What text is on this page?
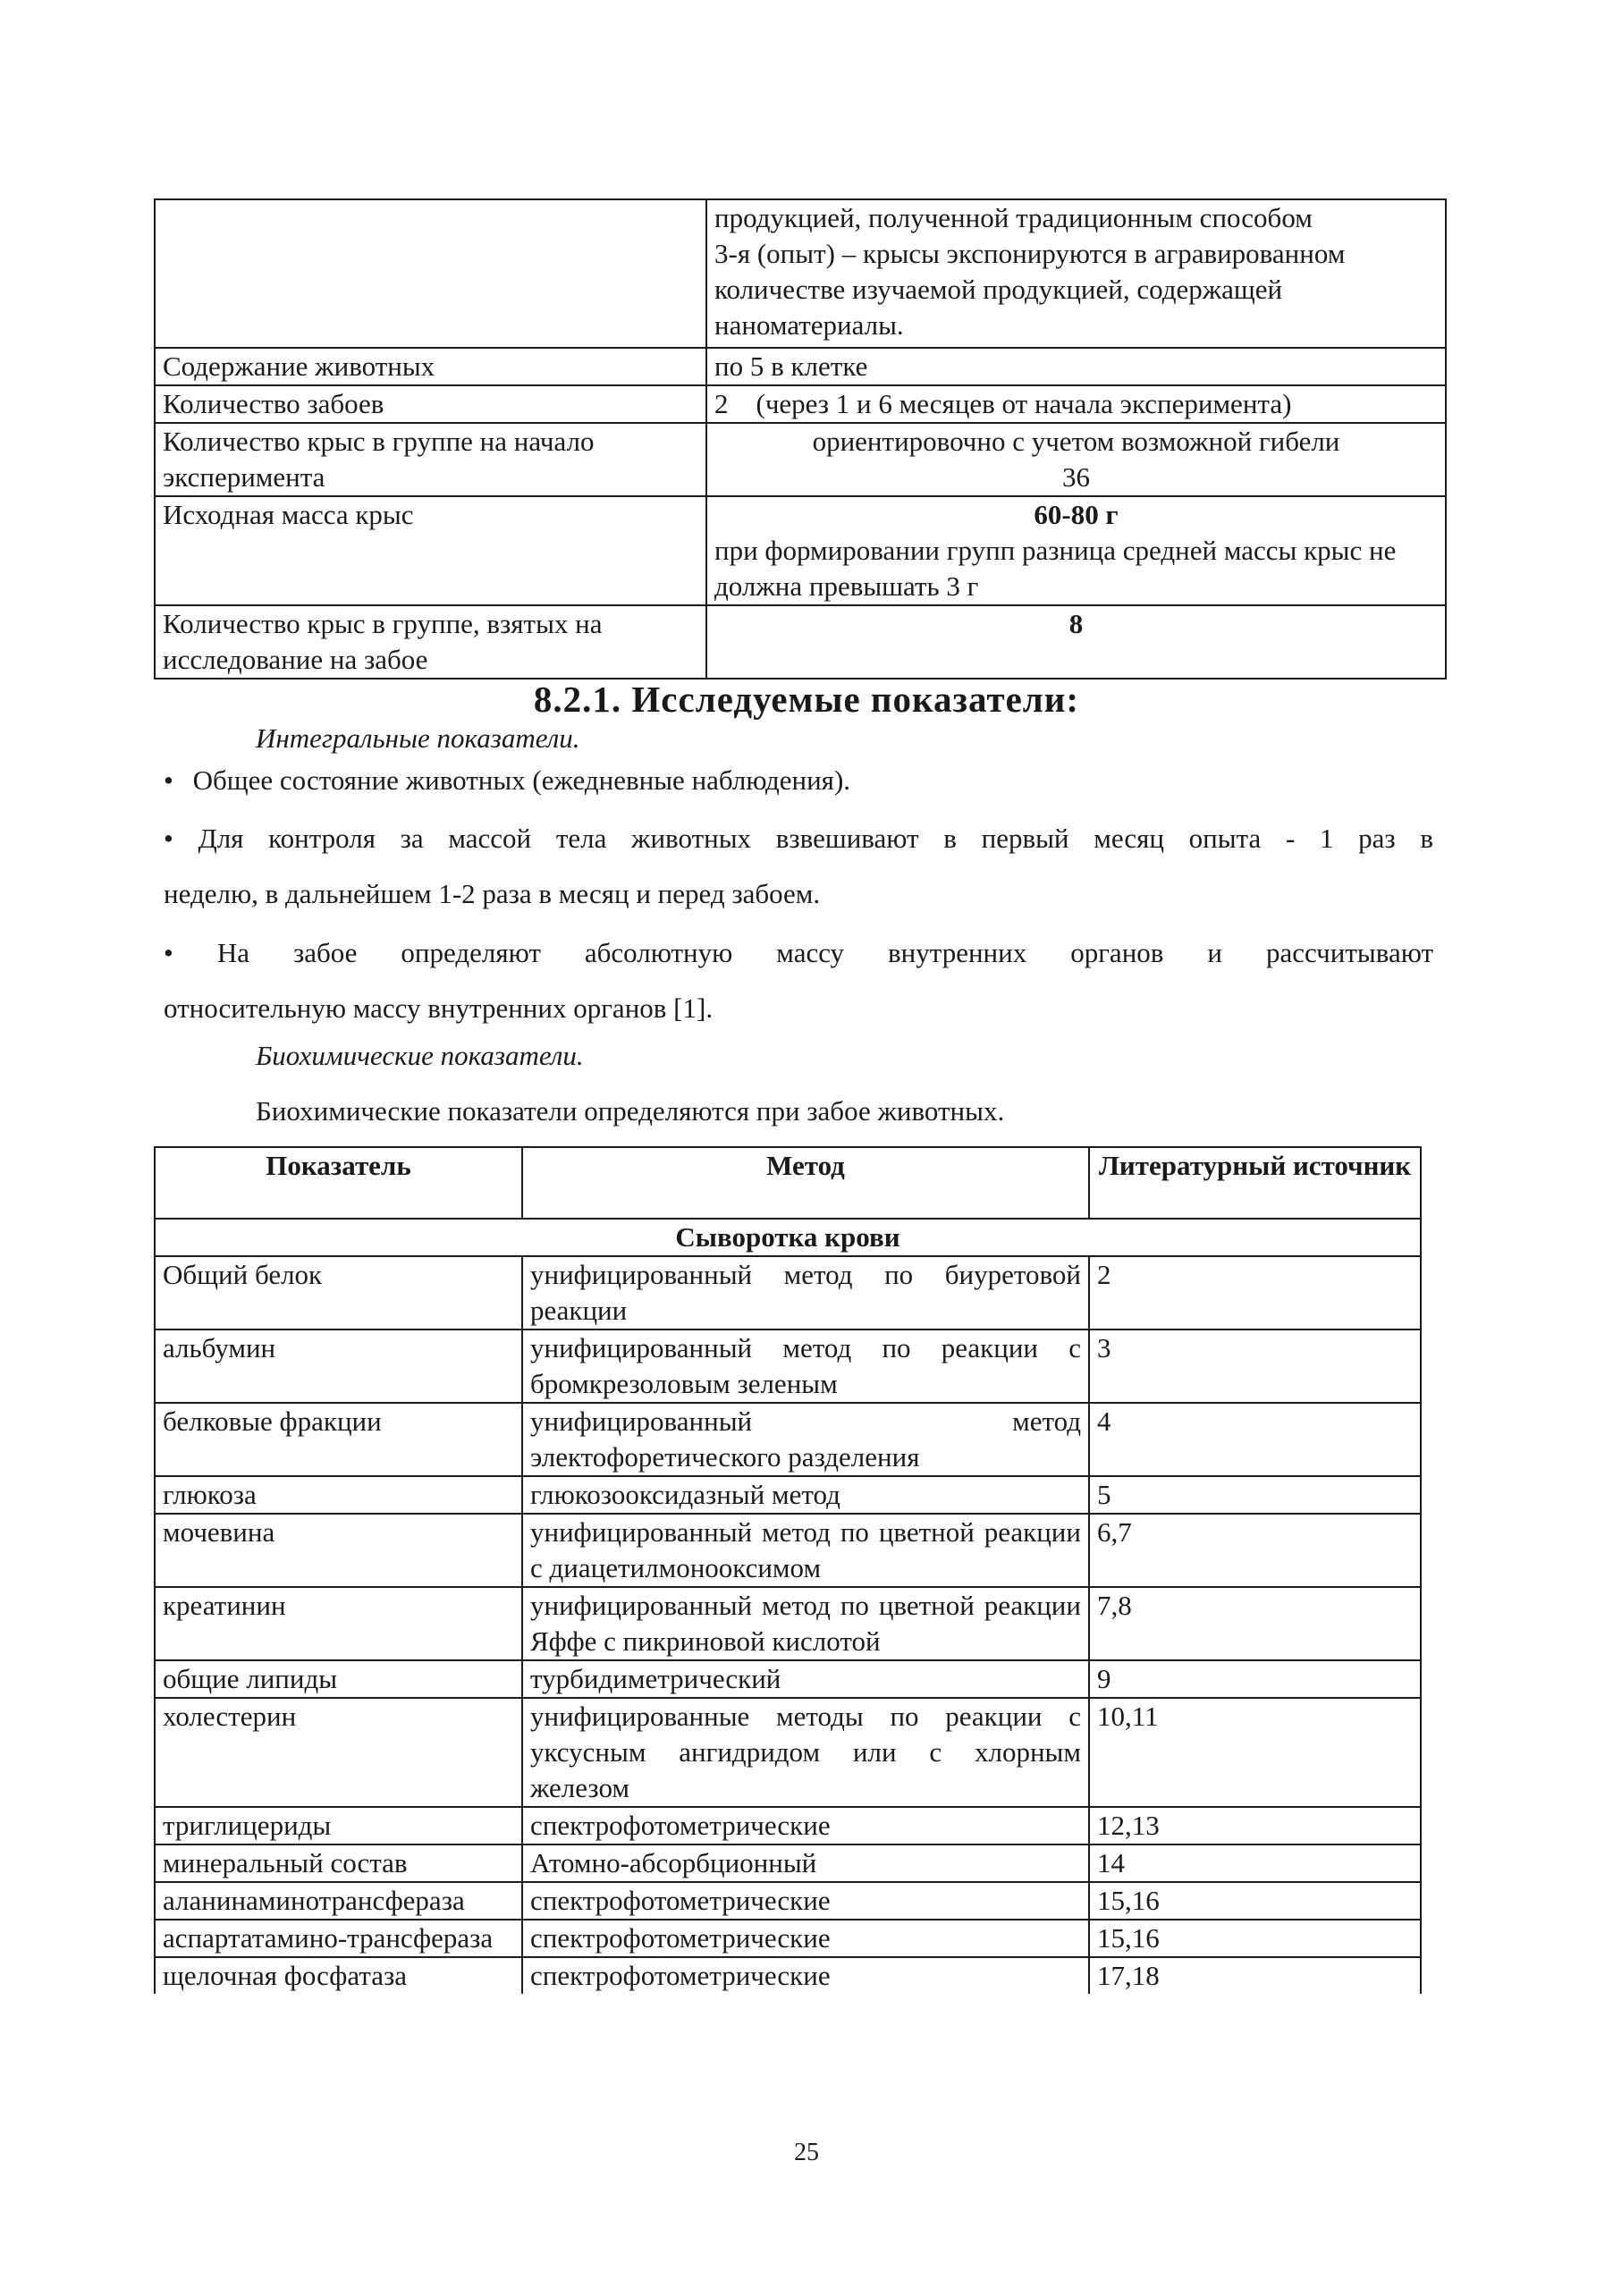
	продукцией, полученной традиционным способом
3-я (опыт) – крысы экспонируются в агравированном количестве изучаемой продукцией, содержащей наноматериалы.
Содержание животных	по 5 в клетке
Количество забоев	2    (через 1 и 6 месяцев от начала эксперимента)
Количество крыс в группе на начало эксперимента	ориентировочно с учетом возможной гибели
36

Исходная масса крыс	60-80 г
при формировании групп разница средней массы крыс не должна превышать 3 г

Количество крыс в группе, взятых на исследование на забое	8
8.2.1. Исследуемые показатели:
Интегральные показатели.
• Общее состояние животных (ежедневные наблюдения).
• Для контроля за массой тела животных взвешивают в первый месяц опыта - 1 раз в
неделю, в дальнейшем 1-2 раза в месяц и перед забоем.
• На забое определяют абсолютную массу внутренних органов и рассчитывают
относительную массу внутренних органов [1].
Биохимические показатели.
Биохимические показатели определяются при забое животных.
Показатель	Метод	Литературный источник
Сыворотка крови		
Общий белок	унифицированный метод по биуретовой реакции	2
альбумин	унифицированный метод по реакции с бромкрезоловым зеленым	3
белковые фракции	унифицированный метод электофоретического разделения	4
глюкоза	глюкозооксидазный метод	5
мочевина	унифицированный метод по цветной реакции с диацетилмонооксимом	6,7
креатинин	унифицированный метод по цветной реакции Яффе с пикриновой кислотой	7,8
общие липиды	турбидиметрический	9
холестерин	унифицированные методы по реакции с уксусным ангидридом или с хлорным железом	10,11
триглицериды	спектрофотометрические	12,13
минеральный состав	Атомно-абсорбционный	14
аланинаминотрансфераза	спектрофотометрические	15,16
аспартатамино-трансфераза	спектрофотометрические	15,16
щелочная фосфатаза	спектрофотометрические	17,18
25
